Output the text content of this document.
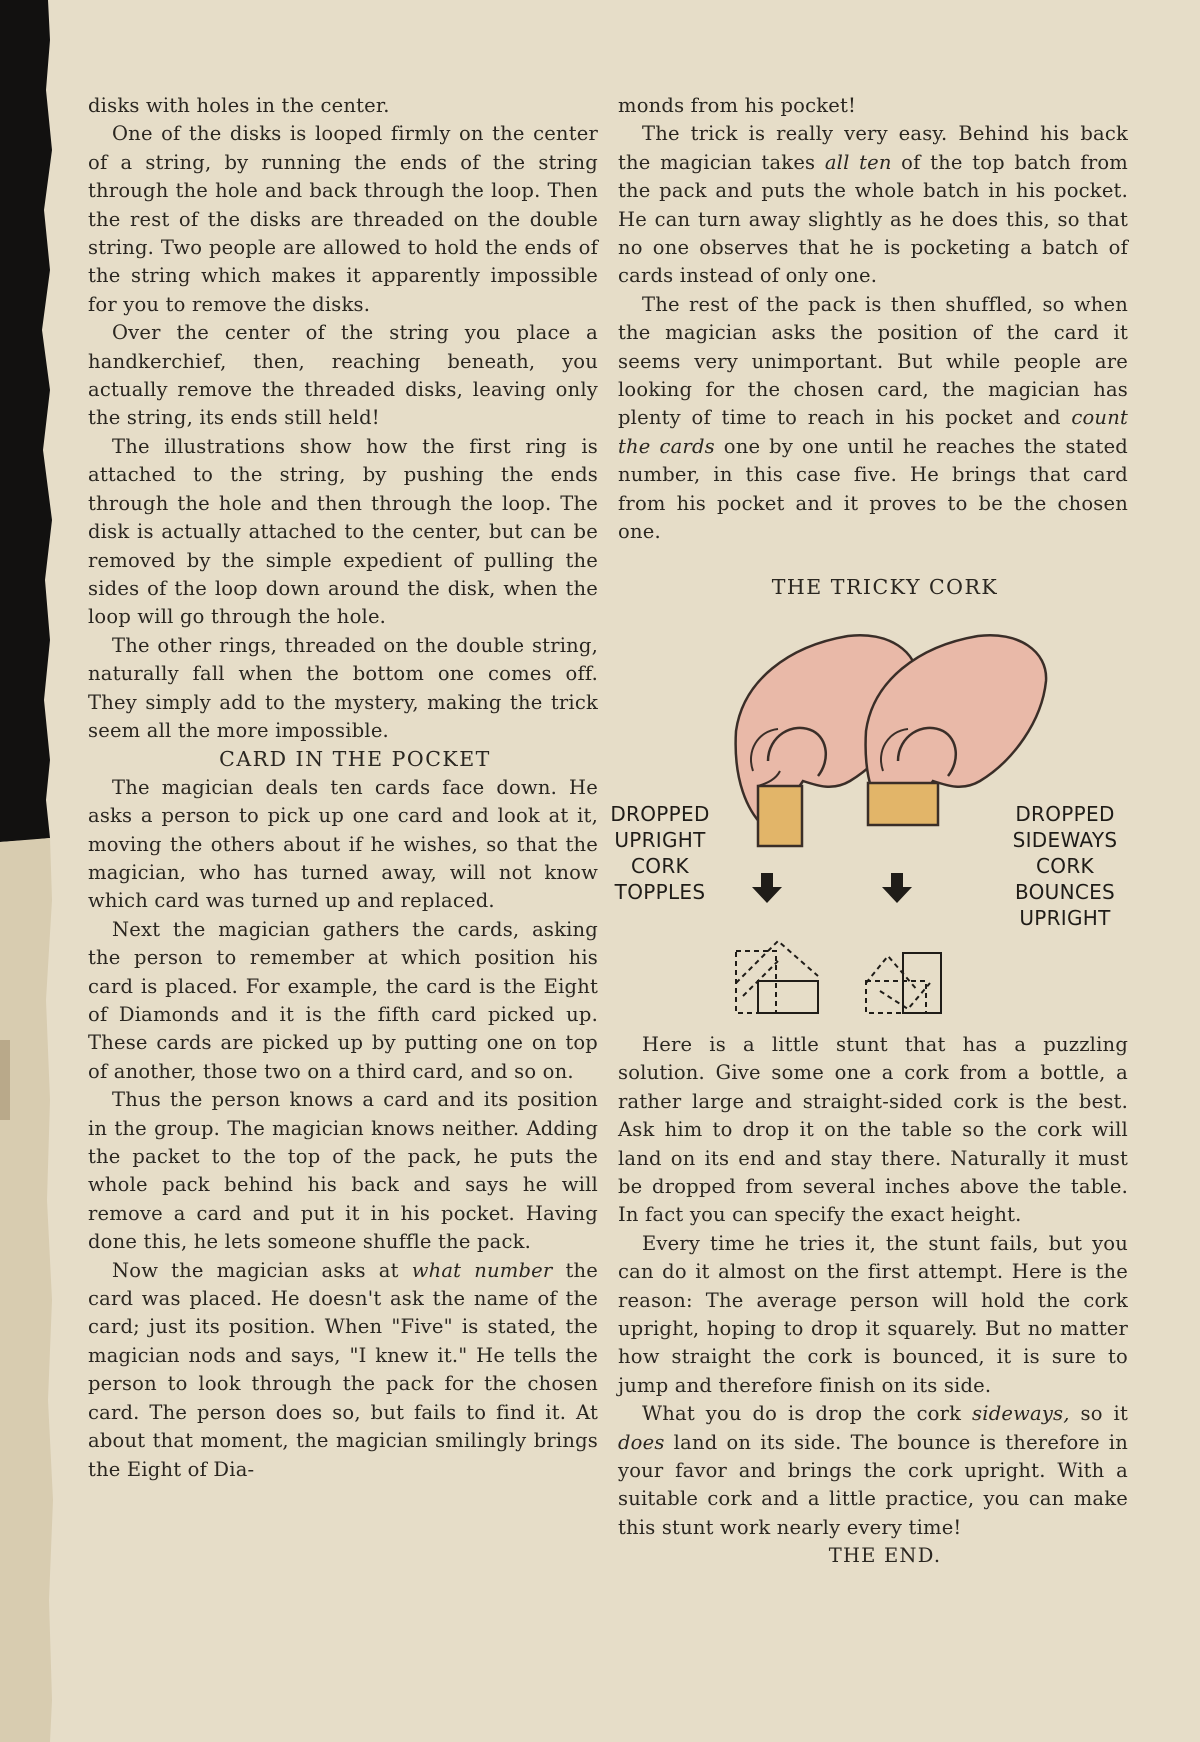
disks with holes in the center.

One of the disks is looped firmly on the center of a string, by running the ends of the string through the hole and back through the loop. Then the rest of the disks are threaded on the double string. Two people are allowed to hold the ends of the string which makes it apparently impossible for you to remove the disks.

Over the center of the string you place a handkerchief, then, reaching beneath, you actually remove the threaded disks, leaving only the string, its ends still held!

The illustrations show how the first ring is attached to the string, by pushing the ends through the hole and then through the loop. The disk is actually attached to the center, but can be removed by the simple expedient of pulling the sides of the loop down around the disk, when the loop will go through the hole.

The other rings, threaded on the double string, naturally fall when the bottom one comes off. They simply add to the mystery, making the trick seem all the more impossible.

CARD IN THE POCKET

The magician deals ten cards face down. He asks a person to pick up one card and look at it, moving the others about if he wishes, so that the magician, who has turned away, will not know which card was turned up and replaced.

Next the magician gathers the cards, asking the person to remember at which position his card is placed. For example, the card is the Eight of Diamonds and it is the fifth card picked up. These cards are picked up by putting one on top of another, those two on a third card, and so on.

Thus the person knows a card and its position in the group. The magician knows neither. Adding the packet to the top of the pack, he puts the whole pack behind his back and says he will remove a card and put it in his pocket. Having done this, he lets someone shuffle the pack.

Now the magician asks at what number the card was placed. He doesn't ask the name of the card; just its position. When "Five" is stated, the magician nods and says, "I knew it." He tells the person to look through the pack for the chosen card. The person does so, but fails to find it. At about that moment, the magician smilingly brings the Eight of Dia-

monds from his pocket!

The trick is really very easy. Behind his back the magician takes all ten of the top batch from the pack and puts the whole batch in his pocket. He can turn away slightly as he does this, so that no one observes that he is pocketing a batch of cards instead of only one.

The rest of the pack is then shuffled, so when the magician asks the position of the card it seems very unimportant. But while people are looking for the chosen card, the magician has plenty of time to reach in his pocket and count the cards one by one until he reaches the stated number, in this case five. He brings that card from his pocket and it proves to be the chosen one.

THE TRICKY CORK

DROPPED UPRIGHT CORK TOPPLES
DROPPED SIDEWAYS CORK BOUNCES UPRIGHT

Here is a little stunt that has a puzzling solution. Give some one a cork from a bottle, a rather large and straight-sided cork is the best. Ask him to drop it on the table so the cork will land on its end and stay there. Naturally it must be dropped from several inches above the table. In fact you can specify the exact height.

Every time he tries it, the stunt fails, but you can do it almost on the first attempt. Here is the reason: The average person will hold the cork upright, hoping to drop it squarely. But no matter how straight the cork is bounced, it is sure to jump and therefore finish on its side.

What you do is drop the cork sideways, so it does land on its side. The bounce is therefore in your favor and brings the cork upright. With a suitable cork and a little practice, you can make this stunt work nearly every time!

THE END.
